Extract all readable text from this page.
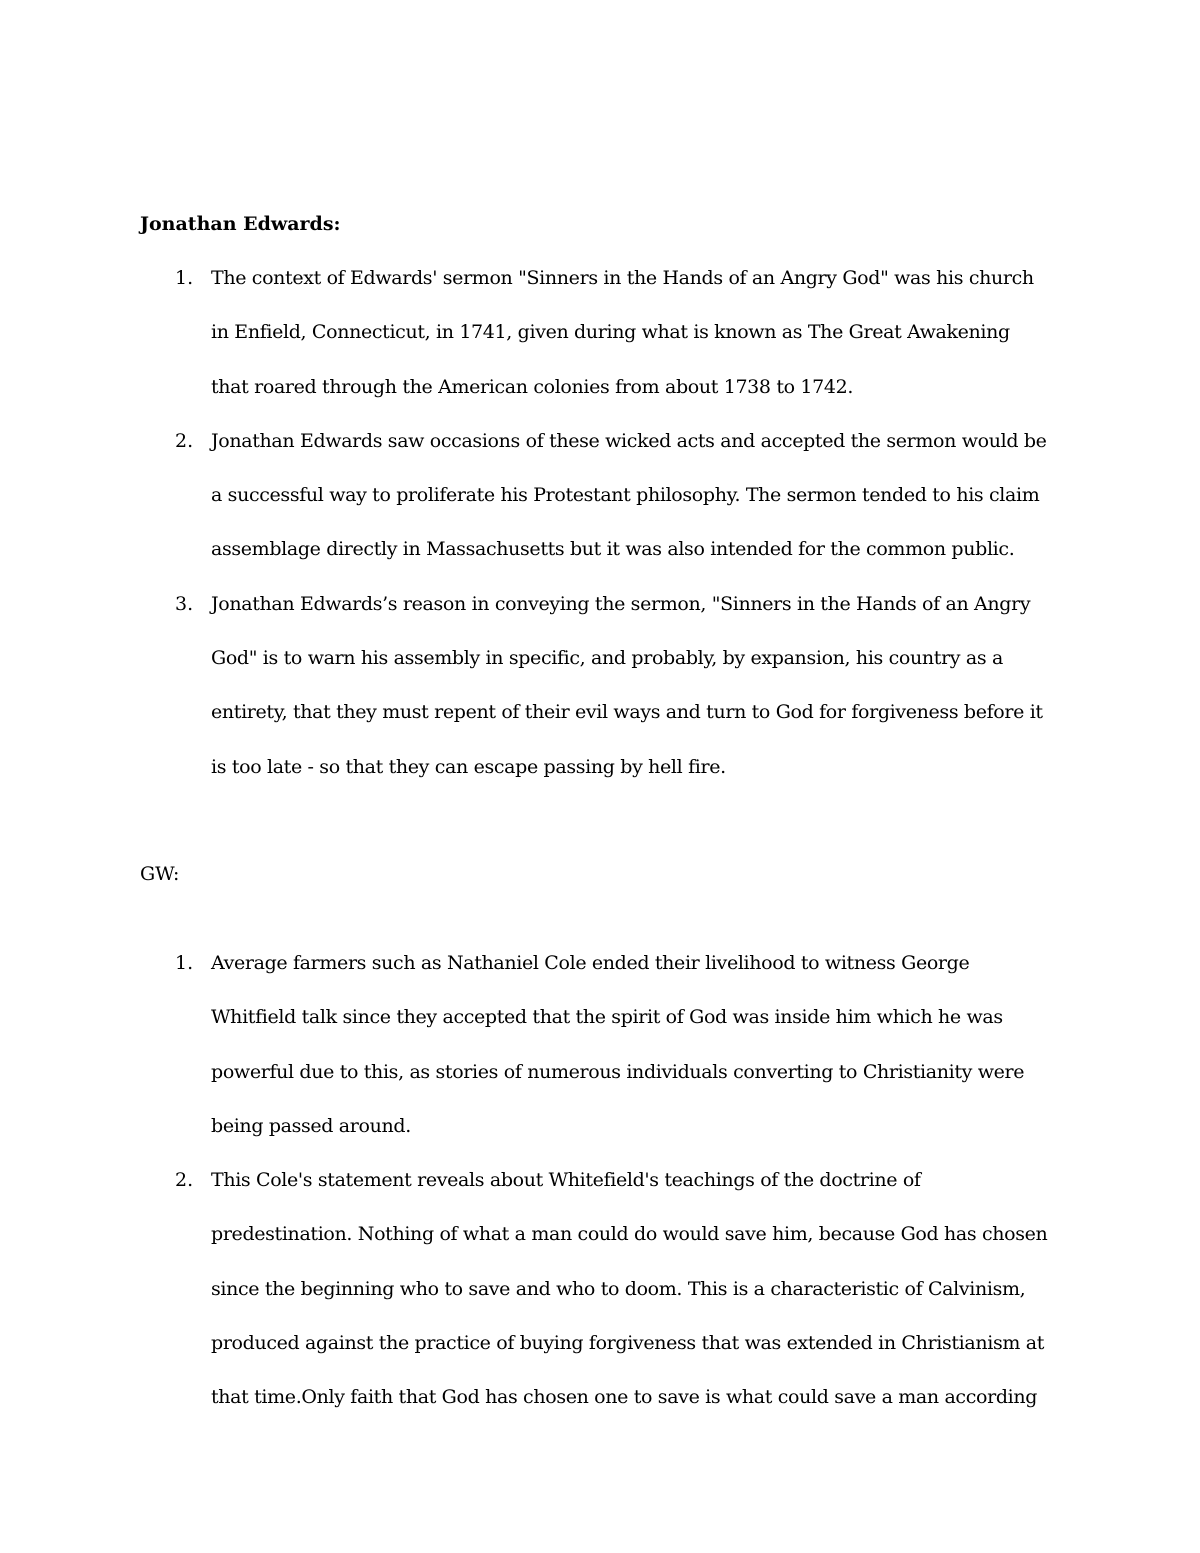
Jonathan Edwards:
1. The context of Edwards' sermon "Sinners in the Hands of an Angry God" was his church
in Enfield, Connecticut, in 1741, given during what is known as The Great Awakening
that roared through the American colonies from about 1738 to 1742.
2. Jonathan Edwards saw occasions of these wicked acts and accepted the sermon would be
a successful way to proliferate his Protestant philosophy. The sermon tended to his claim
assemblage directly in Massachusetts but it was also intended for the common public.
3. Jonathan Edwards’s reason in conveying the sermon, "Sinners in the Hands of an Angry
God" is to warn his assembly in specific, and probably, by expansion, his country as a
entirety, that they must repent of their evil ways and turn to God for forgiveness before it
is too late - so that they can escape passing by hell fire.
GW:
1. Average farmers such as Nathaniel Cole ended their livelihood to witness George
Whitfield talk since they accepted that the spirit of God was inside him which he was
powerful due to this, as stories of numerous individuals converting to Christianity were
being passed around.
2. This Cole's statement reveals about Whitefield's teachings of the doctrine of
predestination. Nothing of what a man could do would save him, because God has chosen
since the beginning who to save and who to doom. This is a characteristic of Calvinism,
produced against the practice of buying forgiveness that was extended in Christianism at
that time.Only faith that God has chosen one to save is what could save a man according
